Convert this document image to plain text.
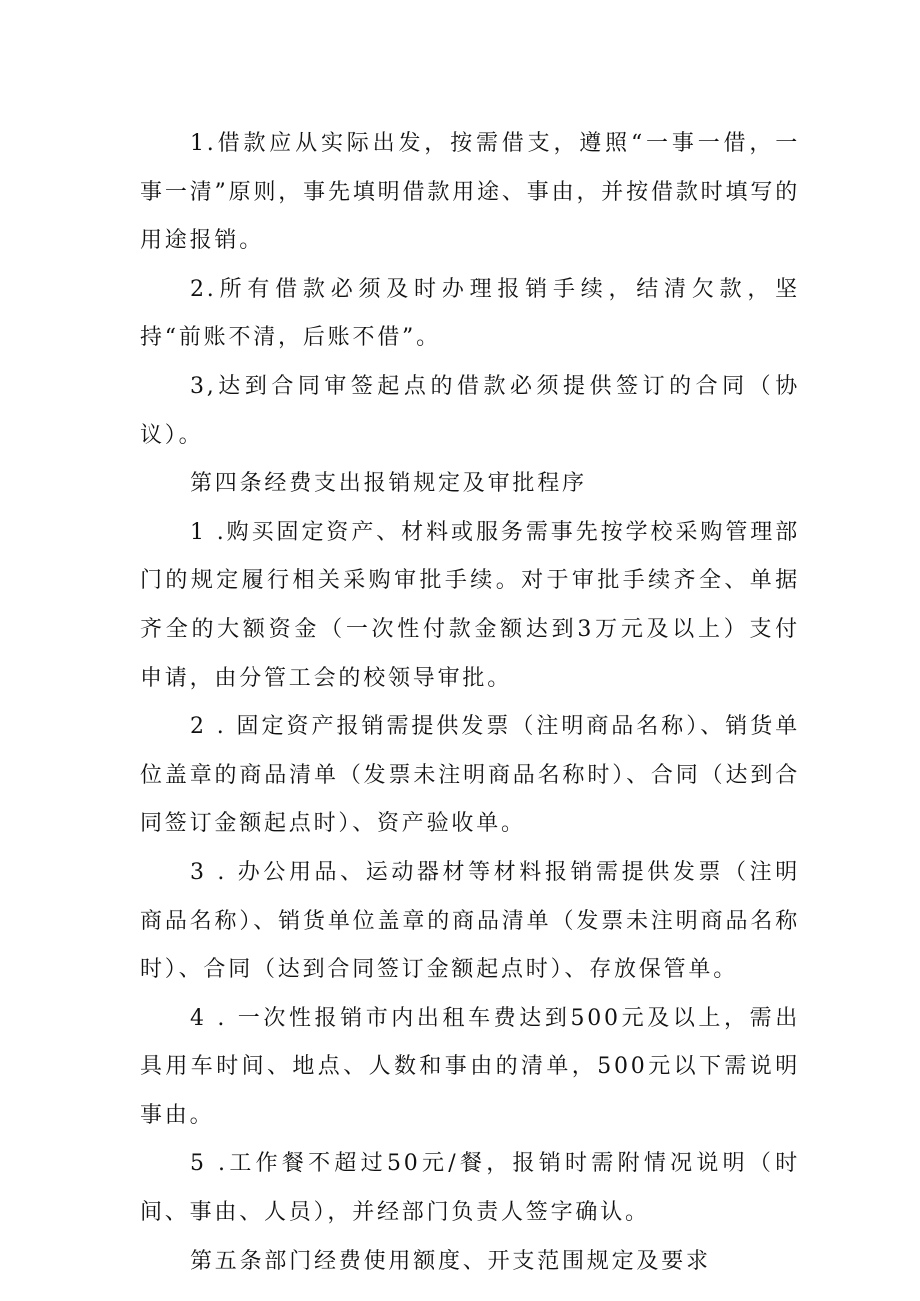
1.借款应从实际出发，按需借支，遵照“一事一借，一事一清”原则，事先填明借款用途、事由，并按借款时填写的用途报销。

2.所有借款必须及时办理报销手续，结清欠款，坚持“前账不清，后账不借”。

3,达到合同审签起点的借款必须提供签订的合同（协议）。

第四条经费支出报销规定及审批程序

1 .购买固定资产、材料或服务需事先按学校采购管理部门的规定履行相关采购审批手续。对于审批手续齐全、单据齐全的大额资金（一次性付款金额达到3万元及以上）支付申请，由分管工会的校领导审批。

2 . 固定资产报销需提供发票（注明商品名称）、销货单位盖章的商品清单（发票未注明商品名称时）、合同（达到合同签订金额起点时）、资产验收单。

3 . 办公用品、运动器材等材料报销需提供发票（注明商品名称）、销货单位盖章的商品清单（发票未注明商品名称时）、合同（达到合同签订金额起点时）、存放保管单。

4 . 一次性报销市内出租车费达到500元及以上，需出具用车时间、地点、人数和事由的清单，500元以下需说明事由。

5 .工作餐不超过50元/餐，报销时需附情况说明（时间、事由、人员），并经部门负责人签字确认。

第五条部门经费使用额度、开支范围规定及要求
